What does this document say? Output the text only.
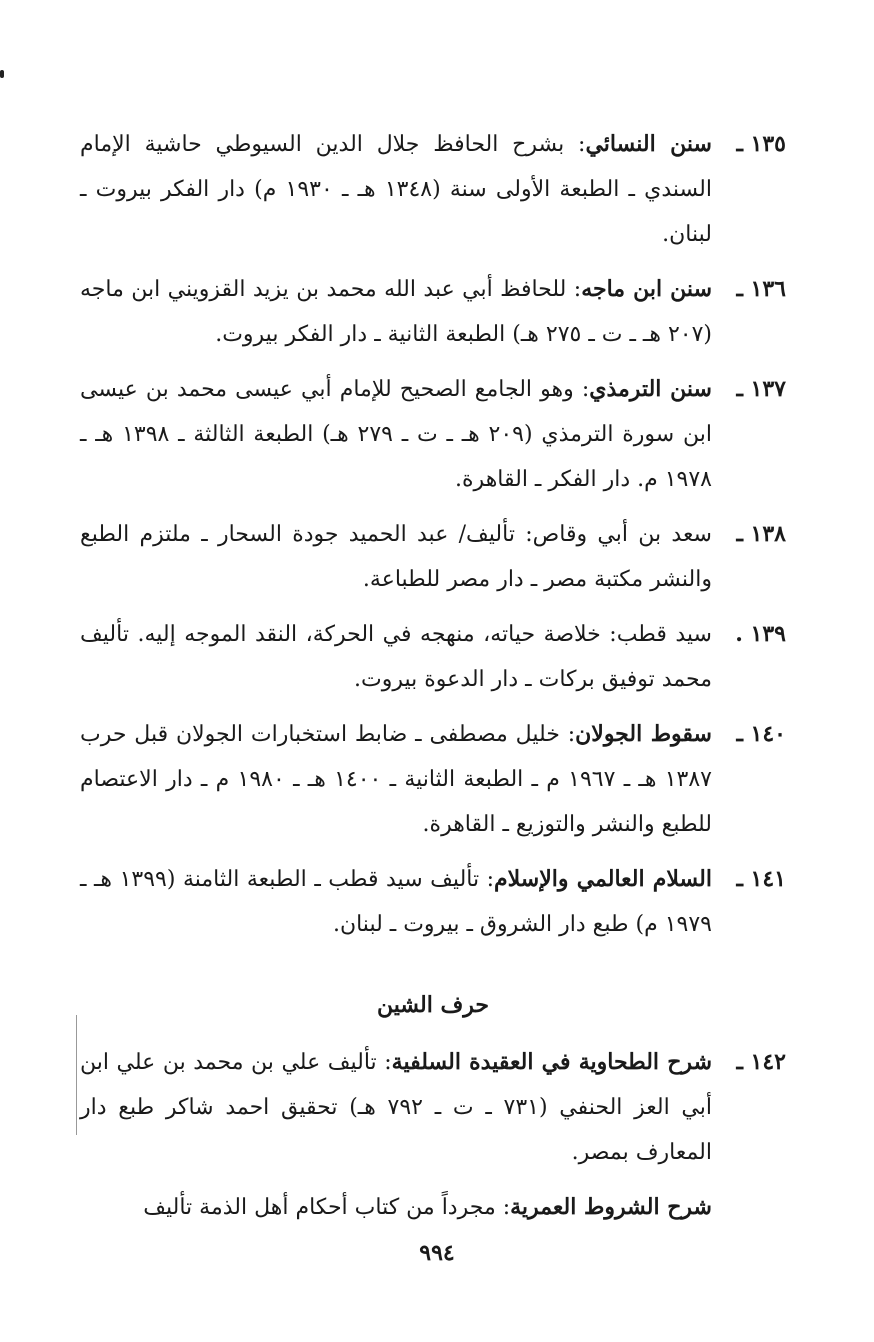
١٣٥ ـ
سنن النسائي: بشرح الحافظ جلال الدين السيوطي حاشية الإمام السندي ـ الطبعة الأولى سنة (١٣٤٨ هـ ـ ١٩٣٠ م) دار الفكر بيروت ـ لبنان.
١٣٦ ـ
سنن ابن ماجه: للحافظ أبي عبد الله محمد بن يزيد القزويني ابن ماجه (٢٠٧ هـ ـ ت ـ ٢٧٥ هـ) الطبعة الثانية ـ دار الفكر بيروت.
١٣٧ ـ
سنن الترمذي: وهو الجامع الصحيح للإمام أبي عيسى محمد بن عيسى ابن سورة الترمذي (٢٠٩ هـ ـ ت ـ ٢٧٩ هـ) الطبعة الثالثة ـ ١٣٩٨ هـ ـ ١٩٧٨ م. دار الفكر ـ القاهرة.
١٣٨ ـ
سعد بن أبي وقاص: تأليف/ عبد الحميد جودة السحار ـ ملتزم الطبع والنشر مكتبة مصر ـ دار مصر للطباعة.
١٣٩ .
سيد قطب: خلاصة حياته، منهجه في الحركة، النقد الموجه إليه. تأليف محمد توفيق بركات ـ دار الدعوة بيروت.
١٤٠ ـ
سقوط الجولان: خليل مصطفى ـ ضابط استخبارات الجولان قبل حرب ١٣٨٧ هـ ـ ١٩٦٧ م ـ الطبعة الثانية ـ ١٤٠٠ هـ ـ ١٩٨٠ م ـ دار الاعتصام للطبع والنشر والتوزيع ـ القاهرة.
١٤١ ـ
السلام العالمي والإسلام: تأليف سيد قطب ـ الطبعة الثامنة (١٣٩٩ هـ ـ ١٩٧٩ م) طبع دار الشروق ـ بيروت ـ لبنان.
حرف الشين
١٤٢ ـ
شرح الطحاوية في العقيدة السلفية: تأليف علي بن محمد بن علي ابن أبي العز الحنفي (٧٣١ ـ ت ـ ٧٩٢ هـ) تحقيق احمد شاكر طبع دار المعارف بمصر.
شرح الشروط العمرية: مجرداً من كتاب أحكام أهل الذمة تأليف
٩٩٤
